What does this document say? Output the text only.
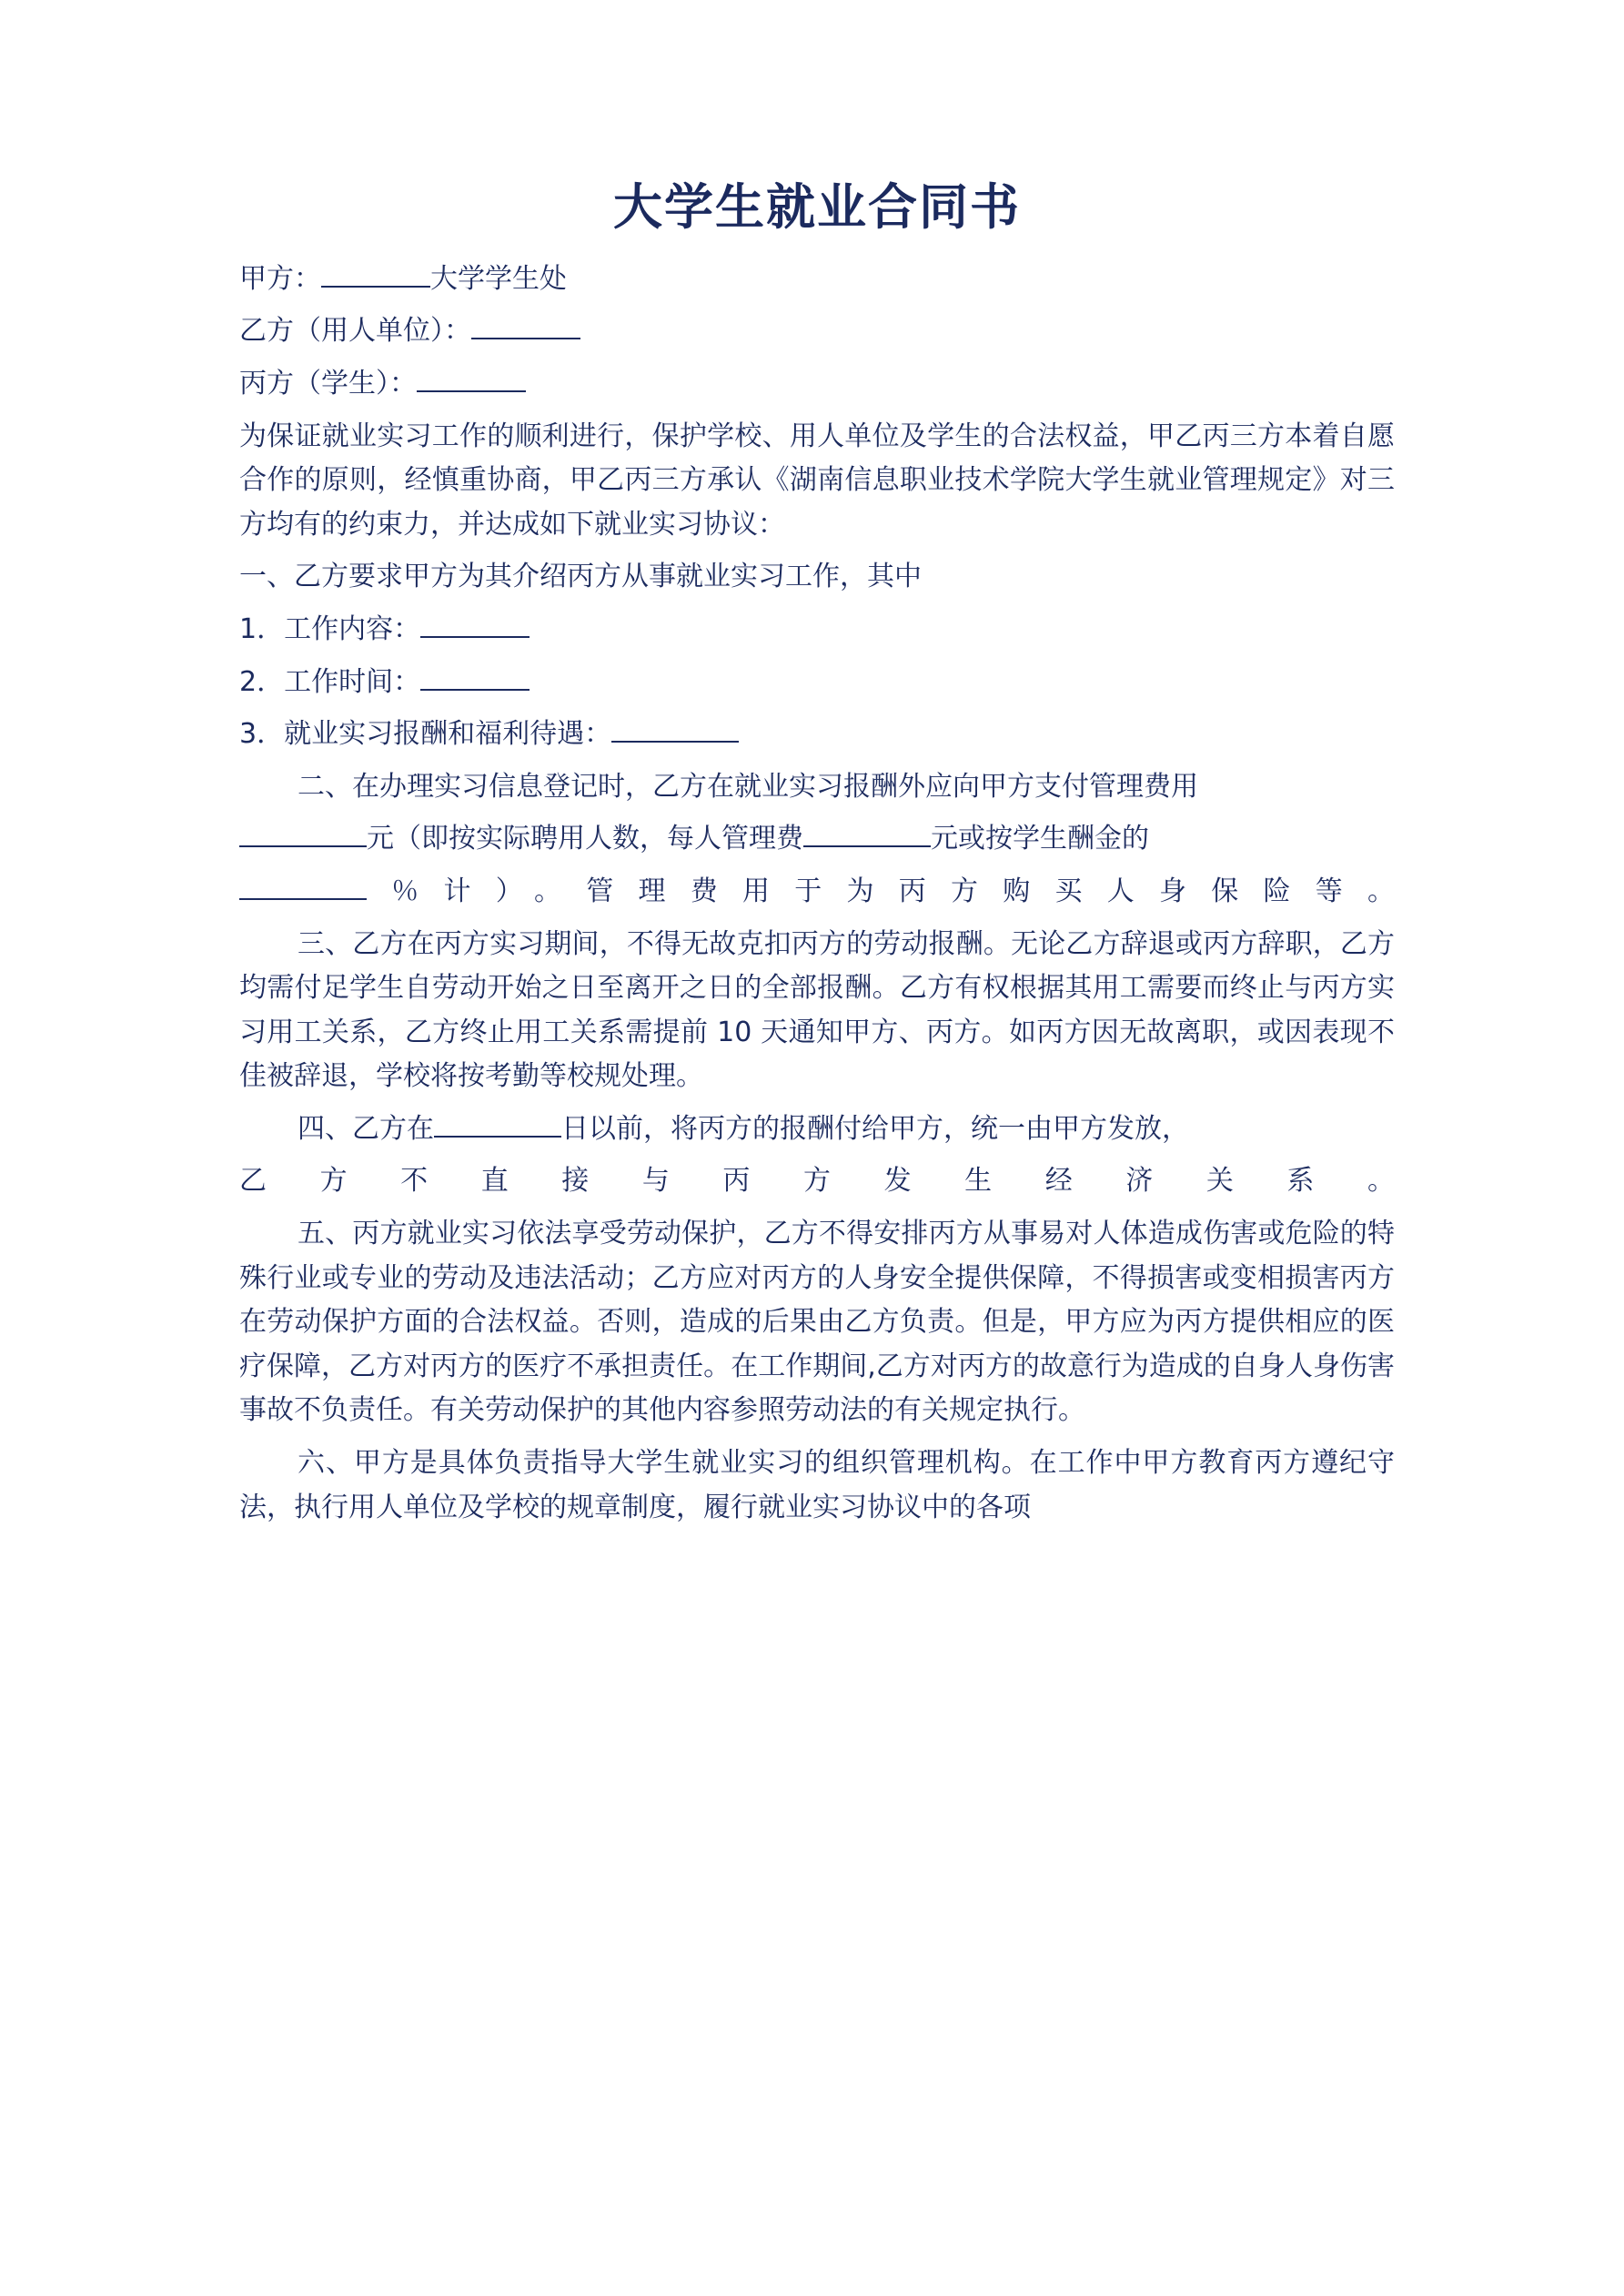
大学生就业合同书

甲方：	大学学生处

乙方（用人单位）：

丙方（学生）：

为保证就业实习工作的顺利进行，保护学校、用人单位及学生的合法权益，甲乙丙三方本着自愿合作的原则，经慎重协商，甲乙丙三方承认《湖南信息职业技术学院大学生就业管理规定》对三方均有的约束力，并达成如下就业实习协议：

一、乙方要求甲方为其介绍丙方从事就业实习工作，其中

1．工作内容：

2．工作时间：

3．就业实习报酬和福利待遇：

二、在办理实习信息登记时，乙方在就业实习报酬外应向甲方支付管理费用

元（即按实际聘用人数，每人管理费	元或按学生酬金的

％计）。管理费用于为丙方购买人身保险等。

三、乙方在丙方实习期间，不得无故克扣丙方的劳动报酬。无论乙方辞退或丙方辞职，乙方均需付足学生自劳动开始之日至离开之日的全部报酬。乙方有权根据其用工需要而终止与丙方实习用工关系，乙方终止用工关系需提前 10 天通知甲方、丙方。如丙方因无故离职，或因表现不佳被辞退，学校将按考勤等校规处理。

四、乙方在	日以前，将丙方的报酬付给甲方，统一由甲方发放，

乙方不直接与丙方发生经济关系。

五、丙方就业实习依法享受劳动保护，乙方不得安排丙方从事易对人体造成伤害或危险的特殊行业或专业的劳动及违法活动；乙方应对丙方的人身安全提供保障，不得损害或变相损害丙方在劳动保护方面的合法权益。否则，造成的后果由乙方负责。但是，甲方应为丙方提供相应的医疗保障，乙方对丙方的医疗不承担责任。在工作期间,乙方对丙方的故意行为造成的自身人身伤害事故不负责任。有关劳动保护的其他内容参照劳动法的有关规定执行。

六、甲方是具体负责指导大学生就业实习的组织管理机构。在工作中甲方教育丙方遵纪守法，执行用人单位及学校的规章制度，履行就业实习协议中的各项
